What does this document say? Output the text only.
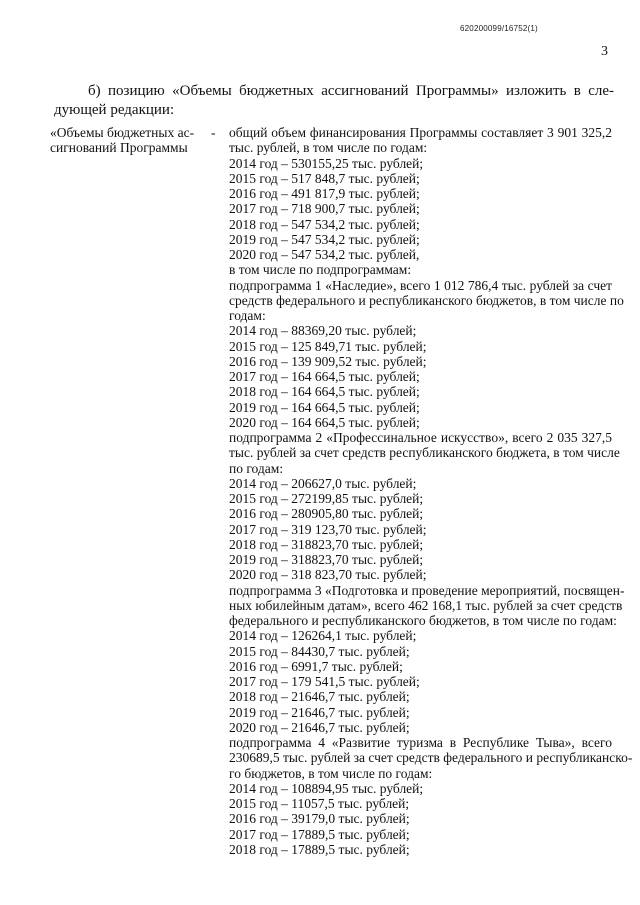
620200099/16752(1)
3
б) позицию «Объемы бюджетных ассигнований Программы» изложить в сле-
дующей редакции:
«Объемы бюджетных ас-
сигнований Программы
- общий объем финансирования Программы составляет 3 901 325,2
тыс. рублей, в том числе по годам:
2014 год – 530155,25 тыс. рублей;
2015 год – 517 848,7 тыс. рублей;
2016 год – 491 817,9 тыс. рублей;
2017 год – 718 900,7 тыс. рублей;
2018 год – 547 534,2 тыс. рублей;
2019 год – 547 534,2 тыс. рублей;
2020 год – 547 534,2 тыс. рублей,
в том числе по подпрограммам:
подпрограмма 1 «Наследие», всего 1 012 786,4 тыс. рублей за счет
средств федерального и республиканского бюджетов, в том числе по
годам:
2014 год – 88369,20 тыс. рублей;
2015 год – 125 849,71 тыс. рублей;
2016 год – 139 909,52 тыс. рублей;
2017 год – 164 664,5 тыс. рублей;
2018 год – 164 664,5 тыс. рублей;
2019 год – 164 664,5 тыс. рублей;
2020 год – 164 664,5 тыс. рублей;
подпрограмма 2 «Профессинальное искусство», всего 2 035 327,5
тыс. рублей за счет средств республиканского бюджета, в том числе
по годам:
2014 год – 206627,0 тыс. рублей;
2015 год – 272199,85 тыс. рублей;
2016 год – 280905,80 тыс. рублей;
2017 год – 319 123,70 тыс. рублей;
2018 год – 318823,70 тыс. рублей;
2019 год – 318823,70 тыс. рублей;
2020 год – 318 823,70 тыс. рублей;
подпрограмма 3 «Подготовка и проведение мероприятий, посвящен-
ных юбилейным датам», всего 462 168,1 тыс. рублей за счет средств
федерального и республиканского бюджетов, в том числе по годам:
2014 год – 126264,1 тыс. рублей;
2015 год – 84430,7 тыс. рублей;
2016 год – 6991,7 тыс. рублей;
2017 год – 179 541,5 тыс. рублей;
2018 год – 21646,7 тыс. рублей;
2019 год – 21646,7 тыс. рублей;
2020 год – 21646,7 тыс. рублей;
подпрограмма 4 «Развитие туризма в Республике Тыва», всего
230689,5 тыс. рублей за счет средств федерального и республиканско-
го бюджетов, в том числе по годам:
2014 год – 108894,95 тыс. рублей;
2015 год – 11057,5 тыс. рублей;
2016 год – 39179,0 тыс. рублей;
2017 год – 17889,5 тыс. рублей;
2018 год – 17889,5 тыс. рублей;
